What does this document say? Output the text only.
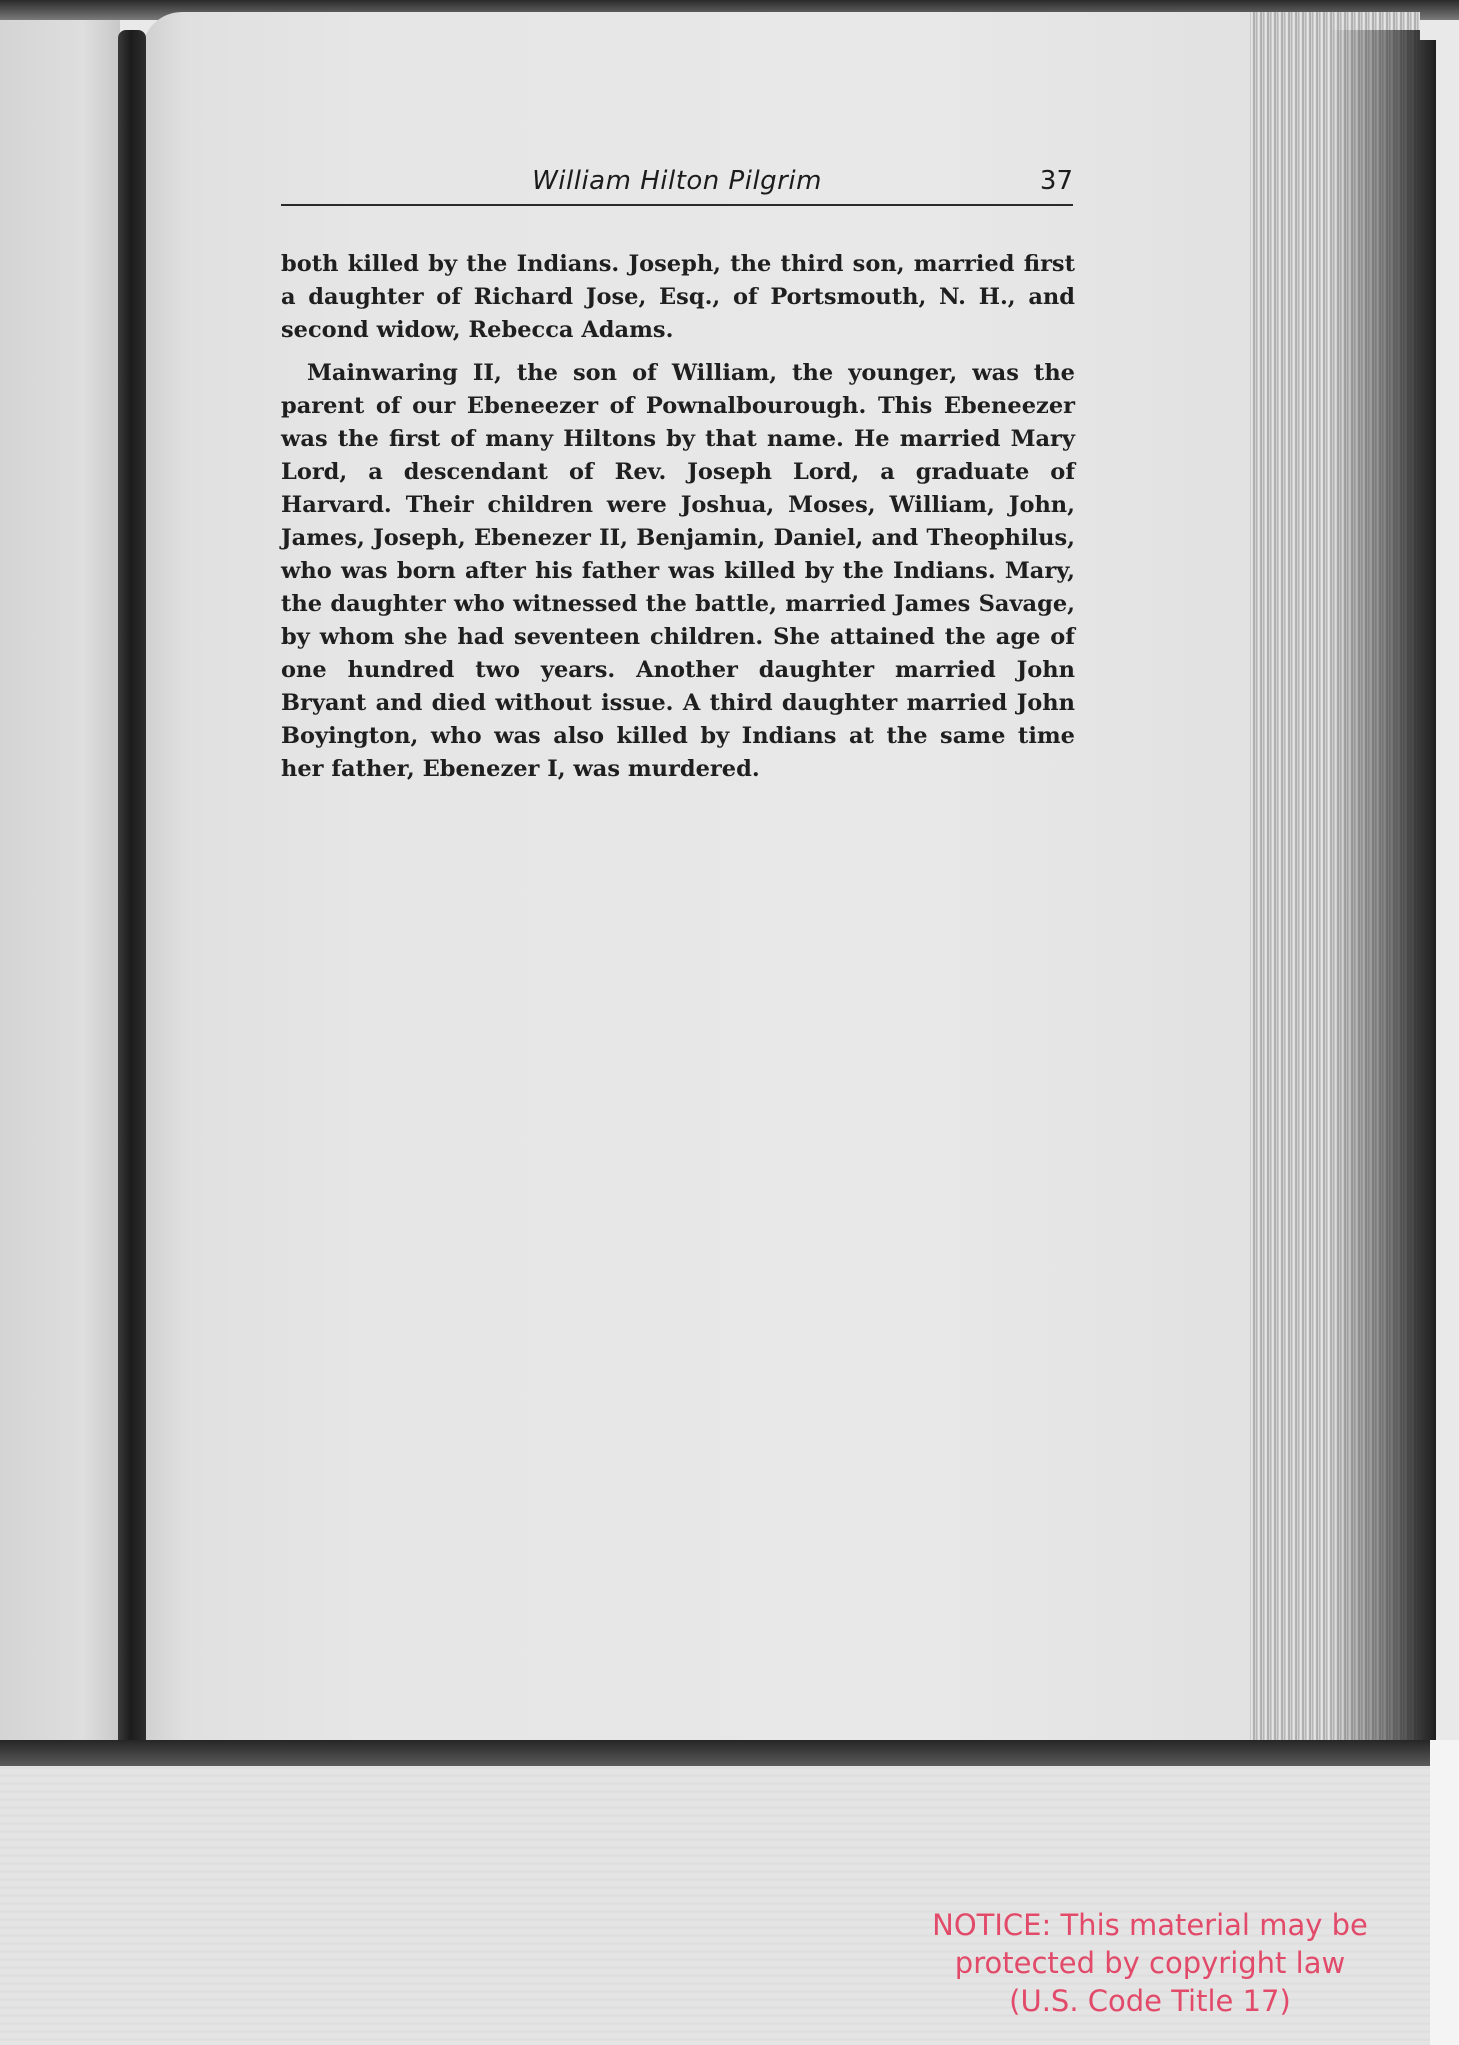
William Hilton Pilgrim	37

both killed by the Indians. Joseph, the third son, married first a daughter of Richard Jose, Esq., of Portsmouth, N. H., and second widow, Rebecca Adams.

Mainwaring II, the son of William, the younger, was the parent of our Ebeneezer of Pownalbourough. This Ebeneezer was the first of many Hiltons by that name. He married Mary Lord, a descendant of Rev. Joseph Lord, a graduate of Harvard. Their children were Joshua, Moses, William, John, James, Joseph, Ebenezer II, Benjamin, Daniel, and Theophilus, who was born after his father was killed by the Indians. Mary, the daughter who witnessed the battle, married James Savage, by whom she had seventeen children. She attained the age of one hundred two years. Another daughter married John Bryant and died without issue. A third daughter married John Boyington, who was also killed by Indians at the same time her father, Ebenezer I, was murdered.

NOTICE: This material may be
protected by copyright law
(U.S. Code Title 17)
